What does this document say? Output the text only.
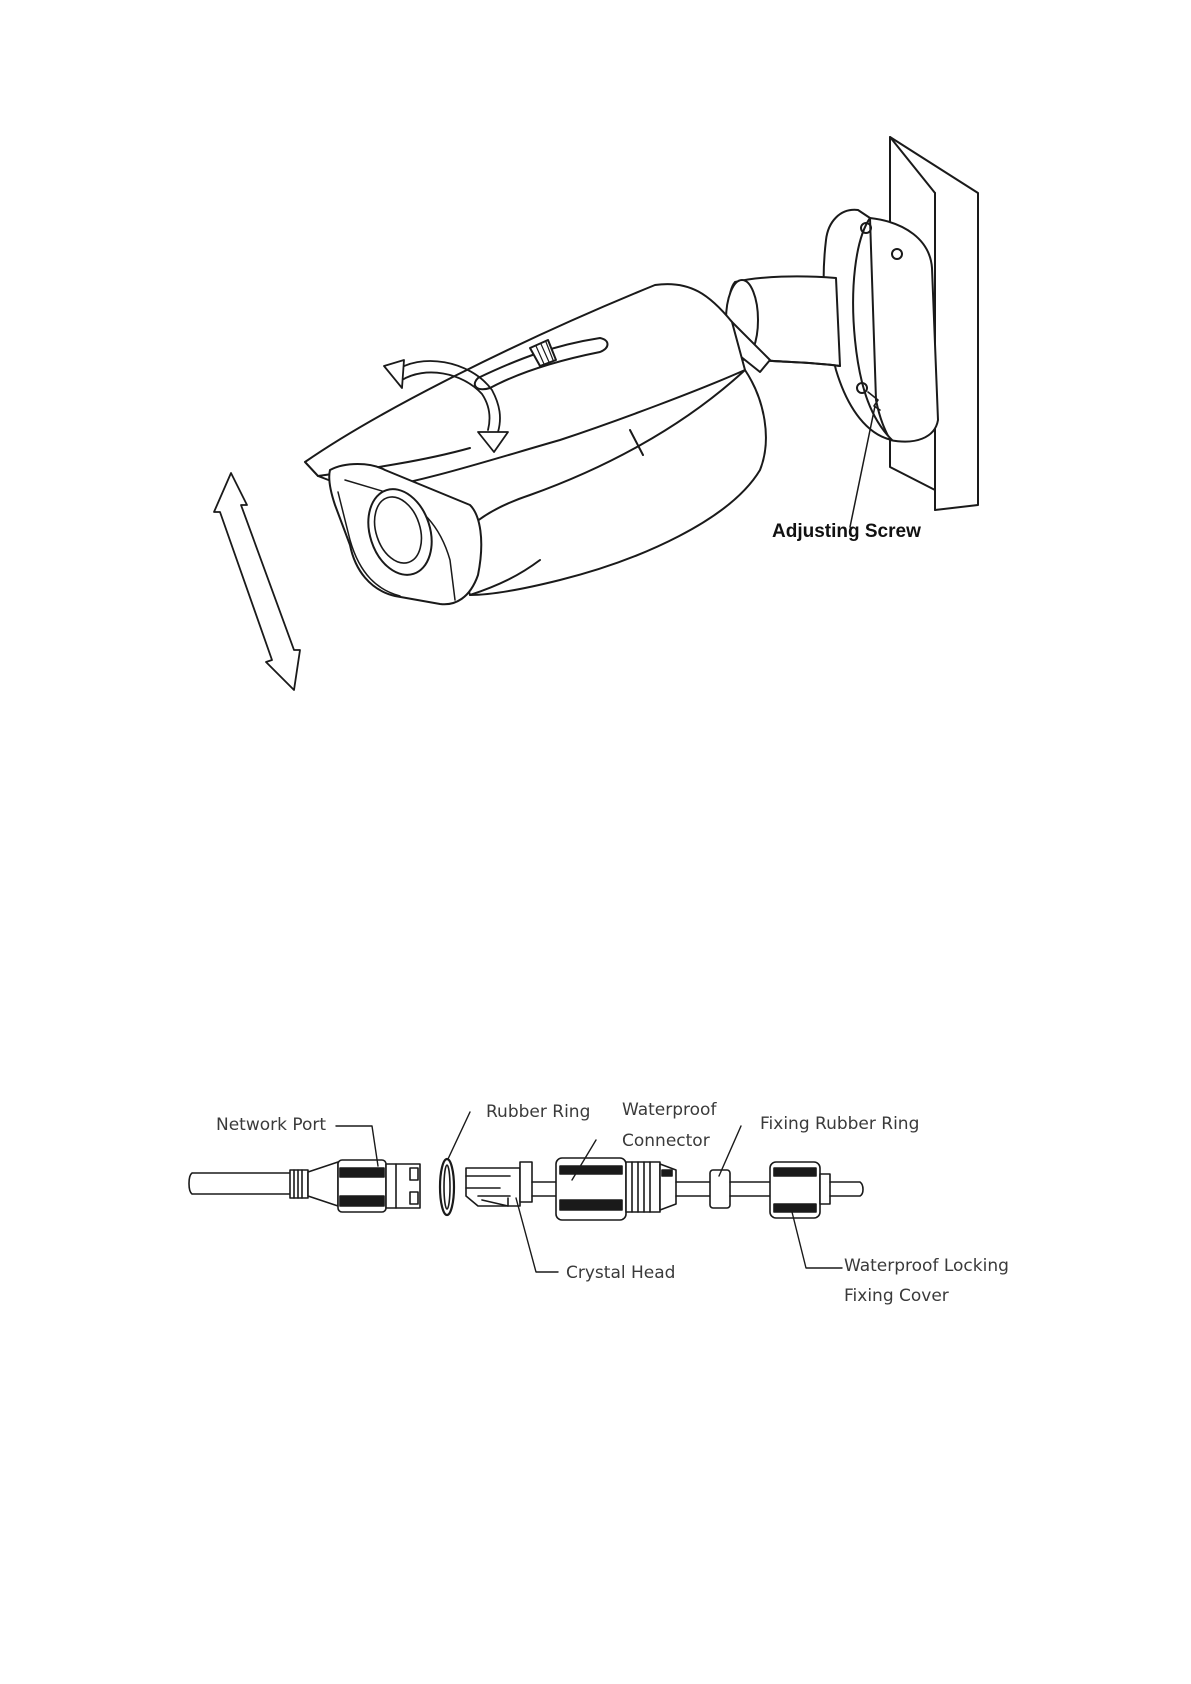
Adjusting Screw
Network Port
Rubber Ring Waterproof
Connector
Fixing Rubber Ring
Crystal Head	Waterproof Locking
Fixing Cover
